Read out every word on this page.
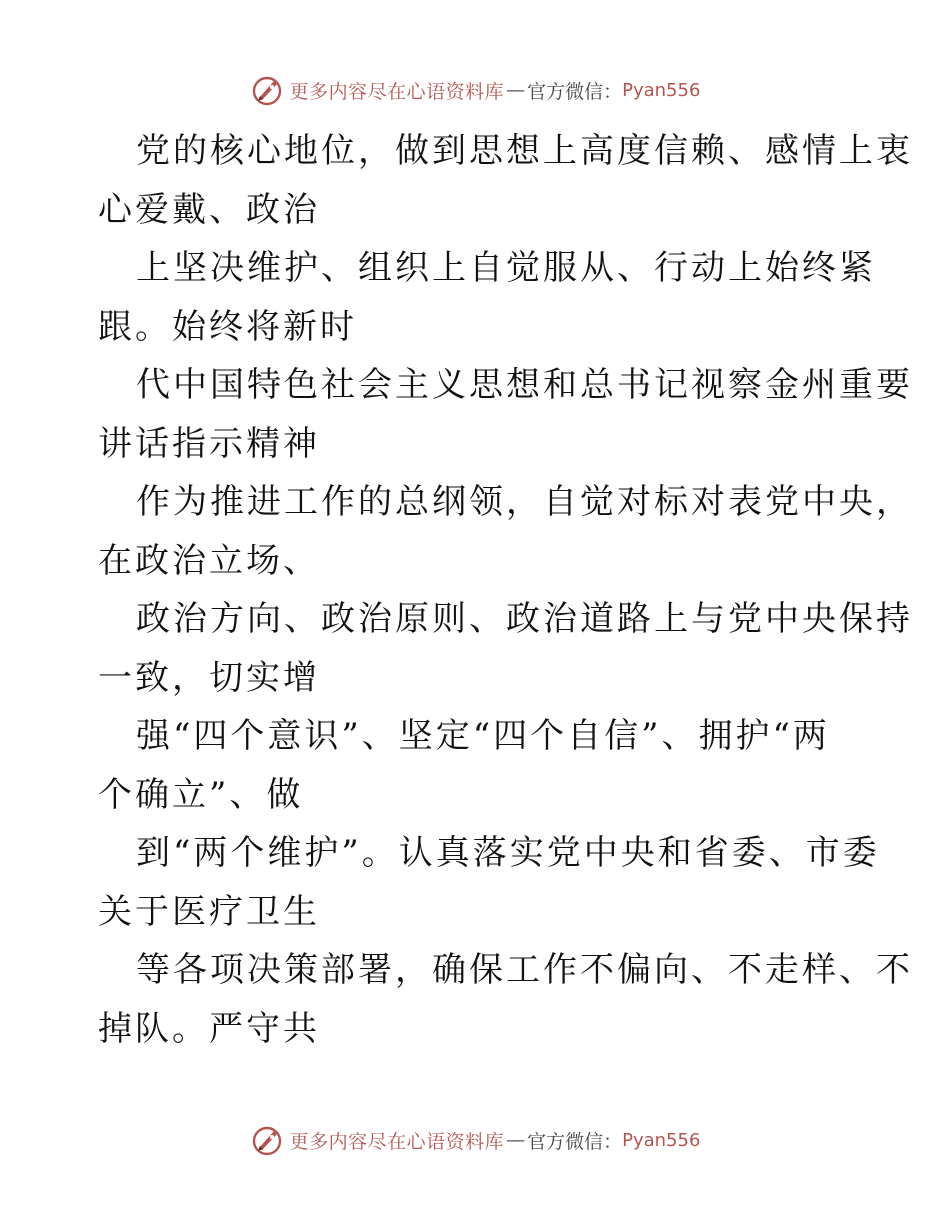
更多内容尽在心语资料库 — 官方微信： Pyan556

党的核心地位，做到思想上高度信赖、感情上衷
心爱戴、政治

上坚决维护、组织上自觉服从、行动上始终紧
跟。始终将新时

代中国特色社会主义思想和总书记视察金州重要
讲话指示精神

作为推进工作的总纲领，自觉对标对表党中央，
在政治立场、

政治方向、政治原则、政治道路上与党中央保持
一致，切实增

强“四个意识”、坚定“四个自信”、拥护“两
个确立”、做

到“两个维护”。认真落实党中央和省委、市委
关于医疗卫生

等各项决策部署，确保工作不偏向、不走样、不
掉队。严守共

更多内容尽在心语资料库 — 官方微信： Pyan556
